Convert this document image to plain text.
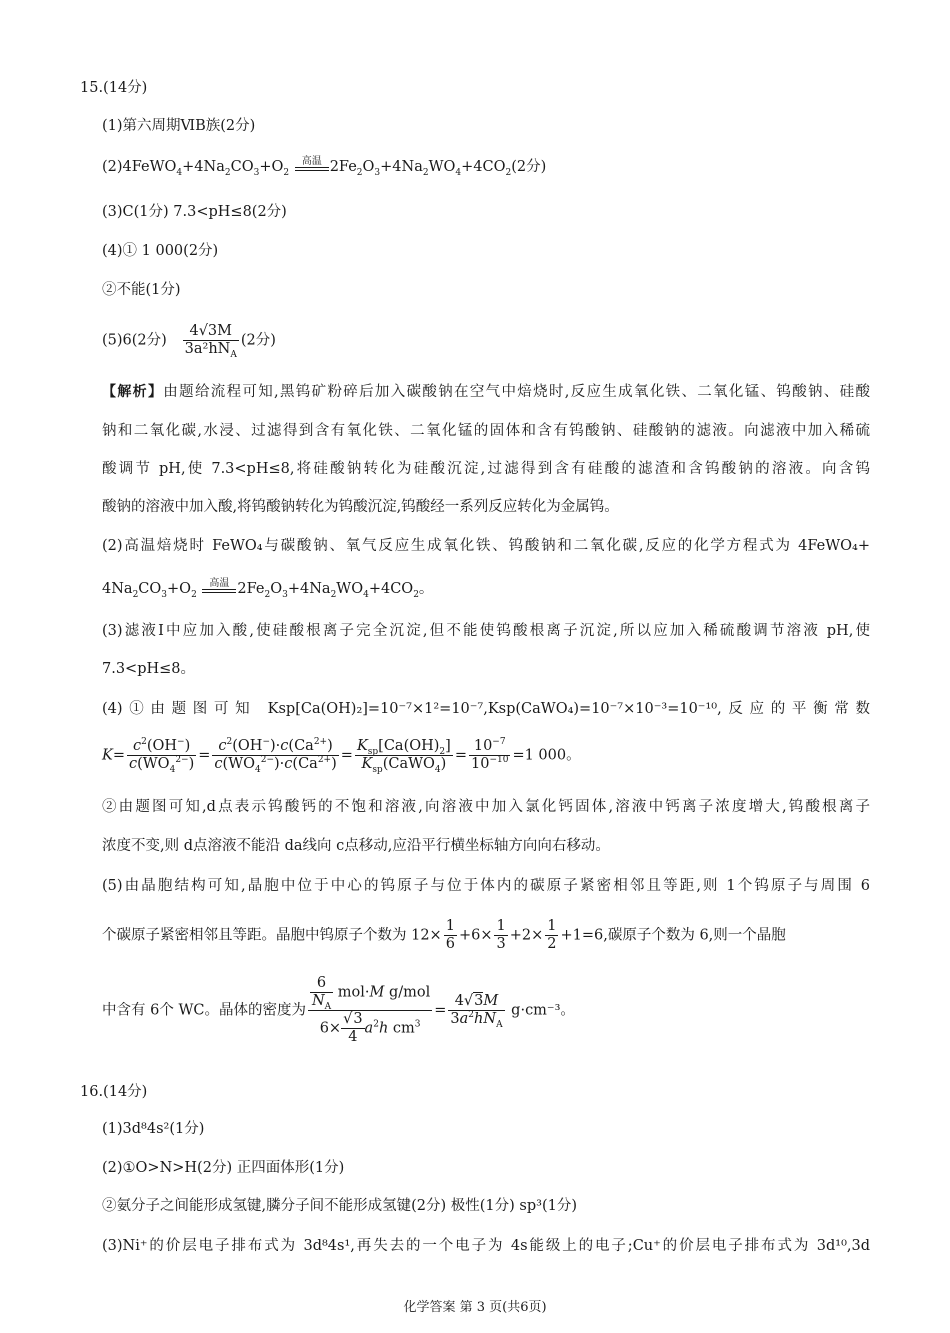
15.(14分)
(1)第六周期ⅥB族(2分)
$(2)4FeWO_4+4Na_2CO_3+O_2$
高温 $2Fe_2O_3+4Na_2WO_4+4CO_2(2$分)
(3)C(1分) 7.3<pH≤8(2分)
(4)① 1 000(2分)
②不能(1分)
(5)6(2分) $\frac{4√3M}{3a^2hN_A} (2$分)
【解析】由题给流程可知,黑钨矿粉碎后加入碳酸钠在空气中焙烧时,反应生成氧化铁、二氧化锰、钨酸钠、硅酸
钠和二氧化碳,水浸、过滤得到含有氧化铁、二氧化锰的固体和含有钨酸钠、硅酸钠的滤液。向滤液中加入稀硫
酸调节 pH,使 7.3<pH≤8,将硅酸钠转化为硅酸沉淀,过滤得到含有硅酸的滤渣和含钨酸钠的溶液。向含钨
酸钠的溶液中加入酸,将钨酸钠转化为钨酸沉淀,钨酸经一系列反应转化为金属钨。
(2)高温焙烧时 FeWO₄与碳酸钠、氧气反应生成氧化铁、钨酸钠和二氧化碳,反应的化学方程式为 4FeWO₄+
$4Na_2CO_3+O_2$
高温 $2Fe_2O_3+4Na_2WO_4+4CO_2$。
(3)滤液Ⅰ中应加入酸,使硅酸根离子完全沉淀,但不能使钨酸根离子沉淀,所以应加入稀硫酸调节溶液 pH,使
7.3<pH≤8。
(4)①由题图可知 Ksp[Ca(OH)₂]=10⁻⁷×1²=10⁻⁷,Ksp(CaWO₄)=10⁻⁷×10⁻³=10⁻¹⁰,反应的平衡常数
$K= \frac{c^2(OH^-)}{c(WO_4^{2-})} = \frac{c^2(OH^-)\cdot c(Ca^{2+})}{c(WO_4^{2-})\cdot c(Ca^{2+})} = \frac{K_{sp}[Ca(OH)_2]}{K_{sp}(CaWO_4)} = \frac{10^{-7}}{10^{-10}} =1$ 000。
②由题图可知,d点表示钨酸钙的不饱和溶液,向溶液中加入氯化钙固体,溶液中钙离子浓度增大,钨酸根离子
浓度不变,则 d点溶液不能沿 da线向 c点移动,应沿平行横坐标轴方向向右移动。
(5)由晶胞结构可知,晶胞中位于中心的钨原子与位于体内的碳原子紧密相邻且等距,则 1个钨原子与周围 6
个碳原子紧密相邻且等距。晶胞中钨原子个数为 $12\times \frac{1}{6} +6\times \frac{1}{3} +2\times \frac{1}{2} +1=6$,碳原子个数为 6,则一个晶胞
中含有 6个 WC。晶体的密度为 $\frac{\frac{6}{N_A} mol\cdot M g/mol}{6\times \frac{√3}{4} a^2h cm^3} = \frac{4√3M}{3a^2hN_A} g\cdot cm^{-3}$。
16.(14分)
(1)3d⁸4s²(1分)
(2)①O>N>H(2分) 正四面体形(1分)
②氨分子之间能形成氢键,膦分子间不能形成氢键(2分) 极性(1分) sp³(1分)
(3)Ni⁺的价层电子排布式为 3d⁸4s¹,再失去的一个电子为 4s能级上的电子;Cu⁺的价层电子排布式为 3d¹⁰,3d
化学答案 第 3 页(共6页)
